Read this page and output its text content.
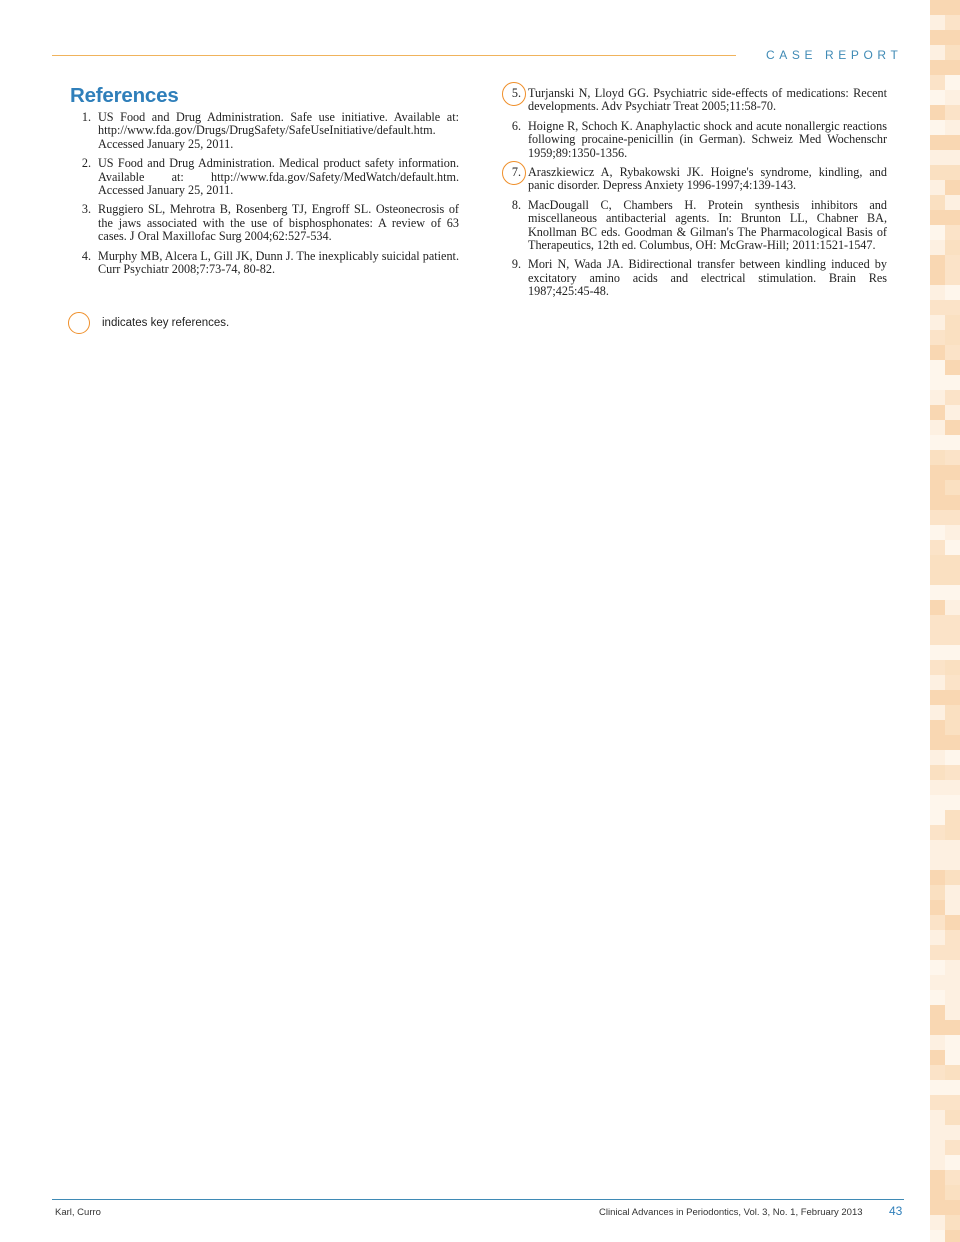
CASE REPORT
References
1. US Food and Drug Administration. Safe use initiative. Available at: http://www.fda.gov/Drugs/DrugSafety/SafeUseInitiative/default.htm. Accessed January 25, 2011.
2. US Food and Drug Administration. Medical product safety information. Available at: http://www.fda.gov/Safety/MedWatch/default.htm. Accessed January 25, 2011.
3. Ruggiero SL, Mehrotra B, Rosenberg TJ, Engroff SL. Osteonecrosis of the jaws associated with the use of bisphosphonates: A review of 63 cases. J Oral Maxillofac Surg 2004;62:527-534.
4. Murphy MB, Alcera L, Gill JK, Dunn J. The inexplicably suicidal patient. Curr Psychiatr 2008;7:73-74, 80-82.
5. Turjanski N, Lloyd GG. Psychiatric side-effects of medications: Recent developments. Adv Psychiatr Treat 2005;11:58-70.
6. Hoigne R, Schoch K. Anaphylactic shock and acute nonallergic reactions following procaine-penicillin (in German). Schweiz Med Wochenschr 1959;89:1350-1356.
7. Araszkiewicz A, Rybakowski JK. Hoigne's syndrome, kindling, and panic disorder. Depress Anxiety 1996-1997;4:139-143.
8. MacDougall C, Chambers H. Protein synthesis inhibitors and miscellaneous antibacterial agents. In: Brunton LL, Chabner BA, Knollman BC eds. Goodman & Gilman's The Pharmacological Basis of Therapeutics, 12th ed. Columbus, OH: McGraw-Hill; 2011:1521-1547.
9. Mori N, Wada JA. Bidirectional transfer between kindling induced by excitatory amino acids and electrical stimulation. Brain Res 1987;425:45-48.
indicates key references.
Karl, Curro	Clinical Advances in Periodontics, Vol. 3, No. 1, February 2013 43
